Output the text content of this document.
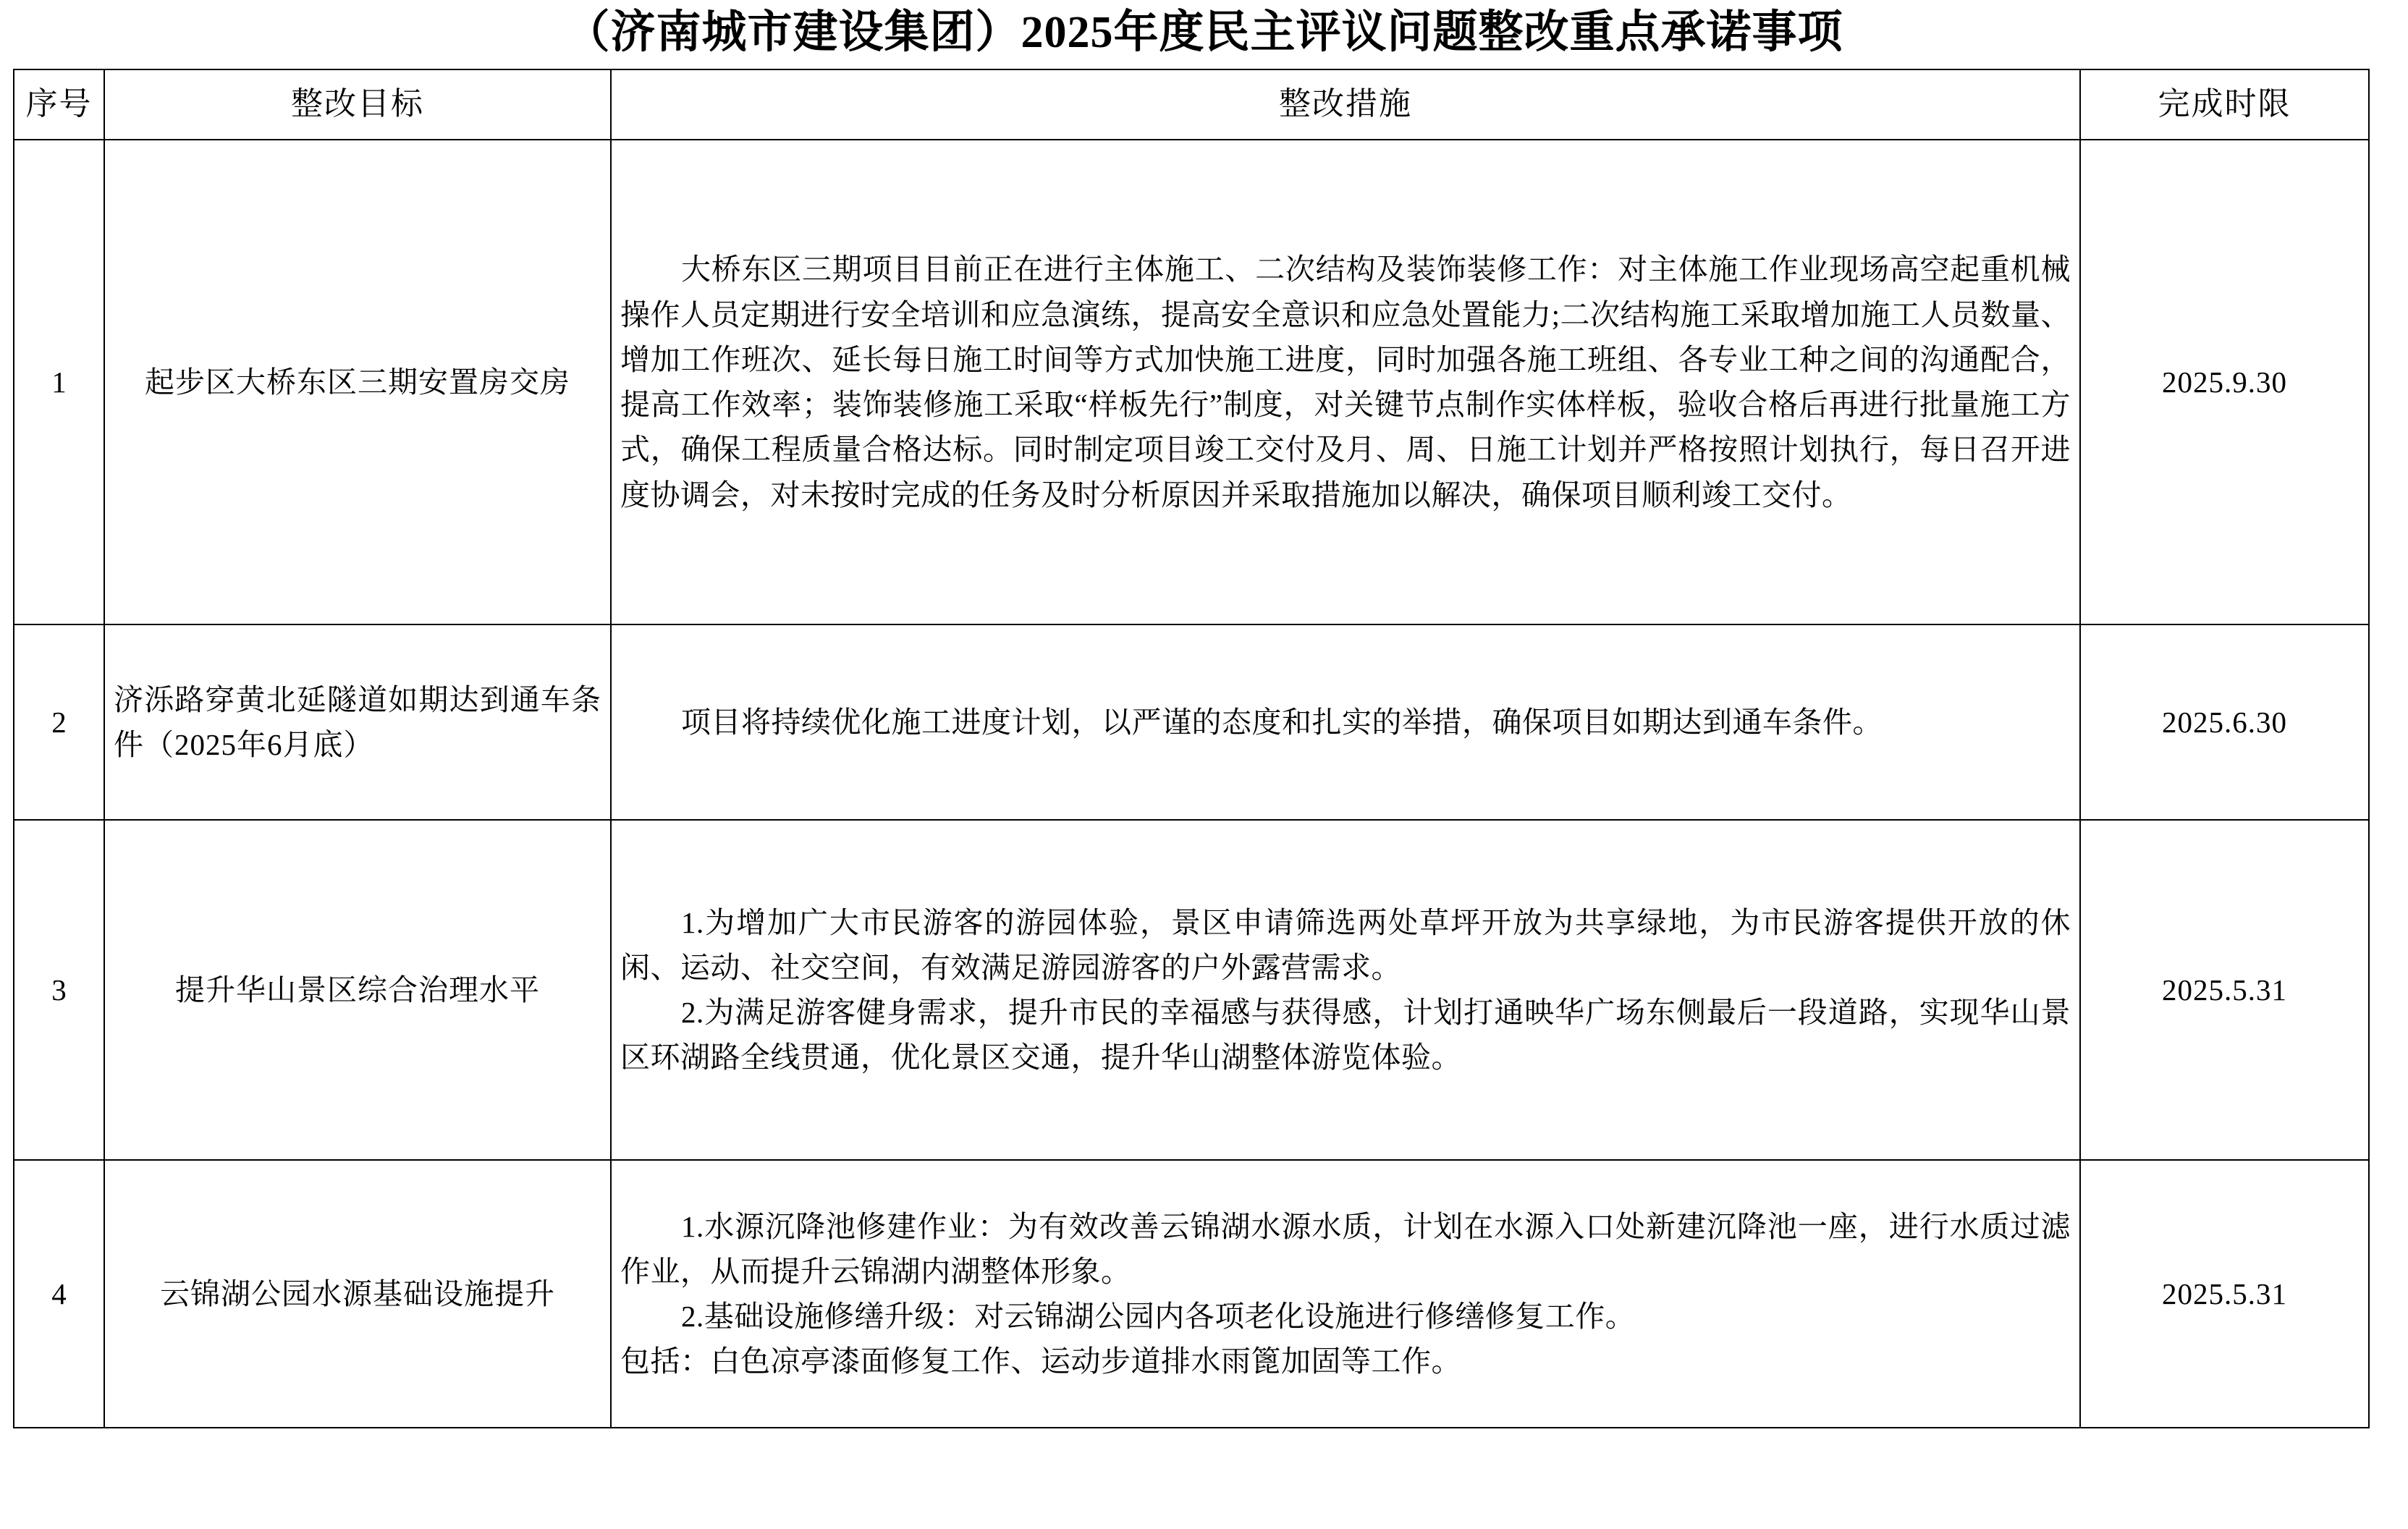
（济南城市建设集团）2025年度民主评议问题整改重点承诺事项
序号	整改目标	整改措施	完成时限
1	起步区大桥东区三期安置房交房	大桥东区三期项目目前正在进行主体施工、二次结构及装饰装修工作：对主体施工作业现场高空起重机械操作人员定期进行安全培训和应急演练，提高安全意识和应急处置能力;二次结构施工采取增加施工人员数量、增加工作班次、延长每日施工时间等方式加快施工进度，同时加强各施工班组、各专业工种之间的沟通配合，提高工作效率；装饰装修施工采取“样板先行”制度，对关键节点制作实体样板，验收合格后再进行批量施工方式，确保工程质量合格达标。同时制定项目竣工交付及月、周、日施工计划并严格按照计划执行，每日召开进度协调会，对未按时完成的任务及时分析原因并采取措施加以解决，确保项目顺利竣工交付。	2025.9.30
2	济泺路穿黄北延隧道如期达到通车条件（2025年6月底）	项目将持续优化施工进度计划，以严谨的态度和扎实的举措，确保项目如期达到通车条件。	2025.6.30
3	提升华山景区综合治理水平	1.为增加广大市民游客的游园体验，景区申请筛选两处草坪开放为共享绿地，为市民游客提供开放的休闲、运动、社交空间，有效满足游园游客的户外露营需求。

2.为满足游客健身需求，提升市民的幸福感与获得感，计划打通映华广场东侧最后一段道路，实现华山景区环湖路全线贯通，优化景区交通，提升华山湖整体游览体验。	2025.5.31
4	云锦湖公园水源基础设施提升	1.水源沉降池修建作业：为有效改善云锦湖水源水质，计划在水源入口处新建沉降池一座，进行水质过滤作业，从而提升云锦湖内湖整体形象。

2.基础设施修缮升级：对云锦湖公园内各项老化设施进行修缮修复工作。

包括：白色凉亭漆面修复工作、运动步道排水雨篦加固等工作。	2025.5.31
